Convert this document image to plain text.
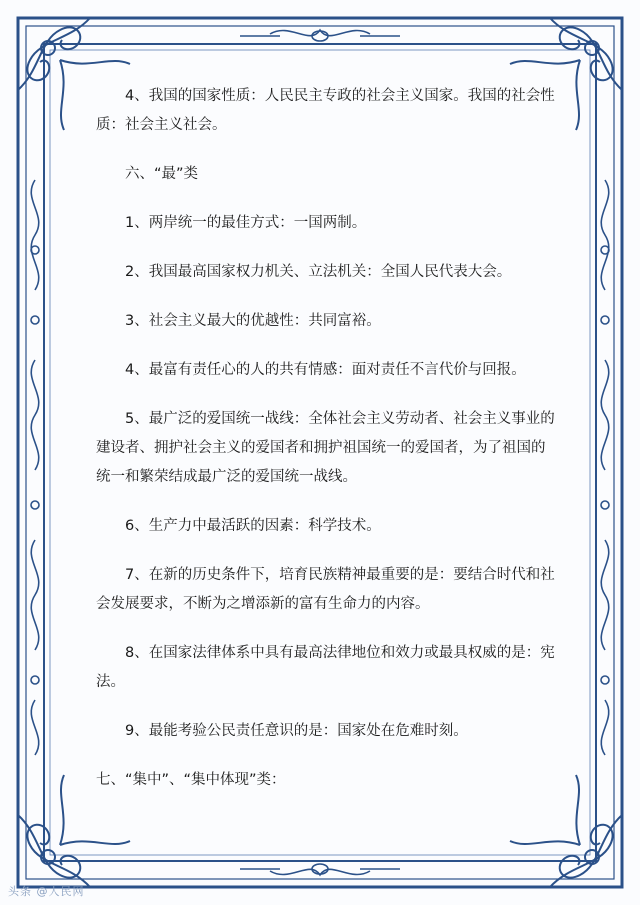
4、我国的国家性质：人民民主专政的社会主义国家。我国的社会性质：社会主义社会。

六、“最”类

1、两岸统一的最佳方式：一国两制。

2、我国最高国家权力机关、立法机关：全国人民代表大会。

3、社会主义最大的优越性：共同富裕。

4、最富有责任心的人的共有情感：面对责任不言代价与回报。

5、最广泛的爱国统一战线：全体社会主义劳动者、社会主义事业的建设者、拥护社会主义的爱国者和拥护祖国统一的爱国者，为了祖国的统一和繁荣结成最广泛的爱国统一战线。

6、生产力中最活跃的因素：科学技术。

7、在新的历史条件下，培育民族精神最重要的是：要结合时代和社会发展要求，不断为之增添新的富有生命力的内容。

8、在国家法律体系中具有最高法律地位和效力或最具权威的是：宪法。

9、最能考验公民责任意识的是：国家处在危难时刻。

七、“集中”、“集中体现”类：

头条 @人民网
